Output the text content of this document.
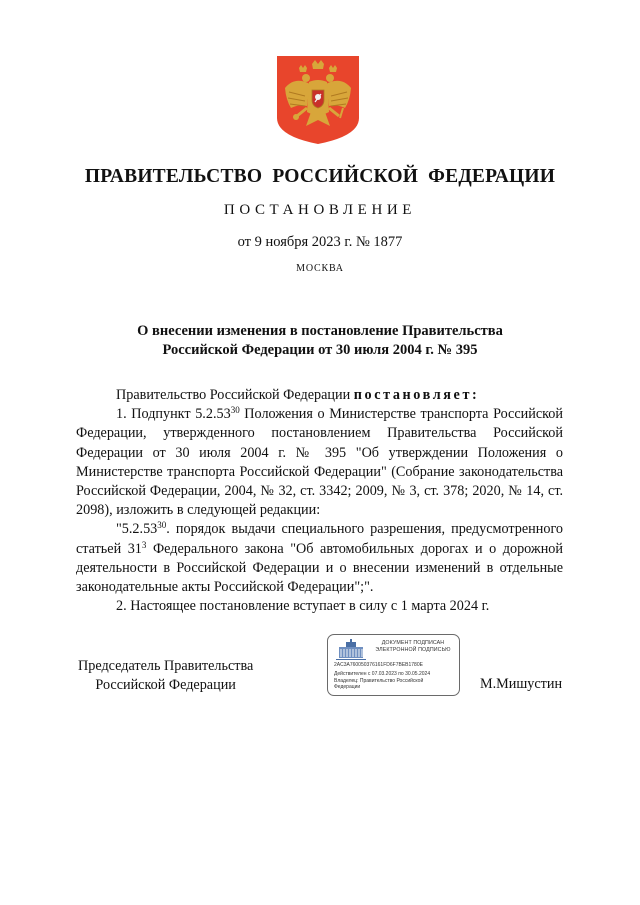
ПРАВИТЕЛЬСТВО РОССИЙСКОЙ ФЕДЕРАЦИИ
ПОСТАНОВЛЕНИЕ
от 9 ноября 2023 г. № 1877
МОСКВА
О внесении изменения в постановление Правительства
Российской Федерации от 30 июля 2004 г. № 395

Правительство Российской Федерации постановляет:

1. Подпункт 5.2.53$^{30}$ Положения о Министерстве транспорта Российской Федерации, утвержденного постановлением Правительства Российской Федерации от 30 июля 2004 г. № 395 "Об утверждении Положения о Министерстве транспорта Российской Федерации" (Собрание законодательства Российской Федерации, 2004, № 32, ст. 3342; 2009, № 3, ст. 378; 2020, № 14, ст. 2098), изложить в следующей редакции:

"5.2.53$^{30}$. порядок выдачи специального разрешения, предусмотренного статьей $31^3$ Федерального закона "Об автомобильных дорогах и о дорожной деятельности в Российской Федерации и о внесении изменений в отдельные законодательные акты Российской Федерации";".

2. Настоящее постановление вступает в силу с 1 марта 2024 г.

Председатель Правительства
Российской Федерации
ДОКУМЕНТ ПОДПИСАН
ЭЛЕКТРОННОЙ ПОДПИСЬЮ
2AC3A760050376161FD6F7BEB1780E
Действителен с 07.03.2023 по 30.05.2024
Владелец: Правительство Российской
Федерации	М.Мишустин
